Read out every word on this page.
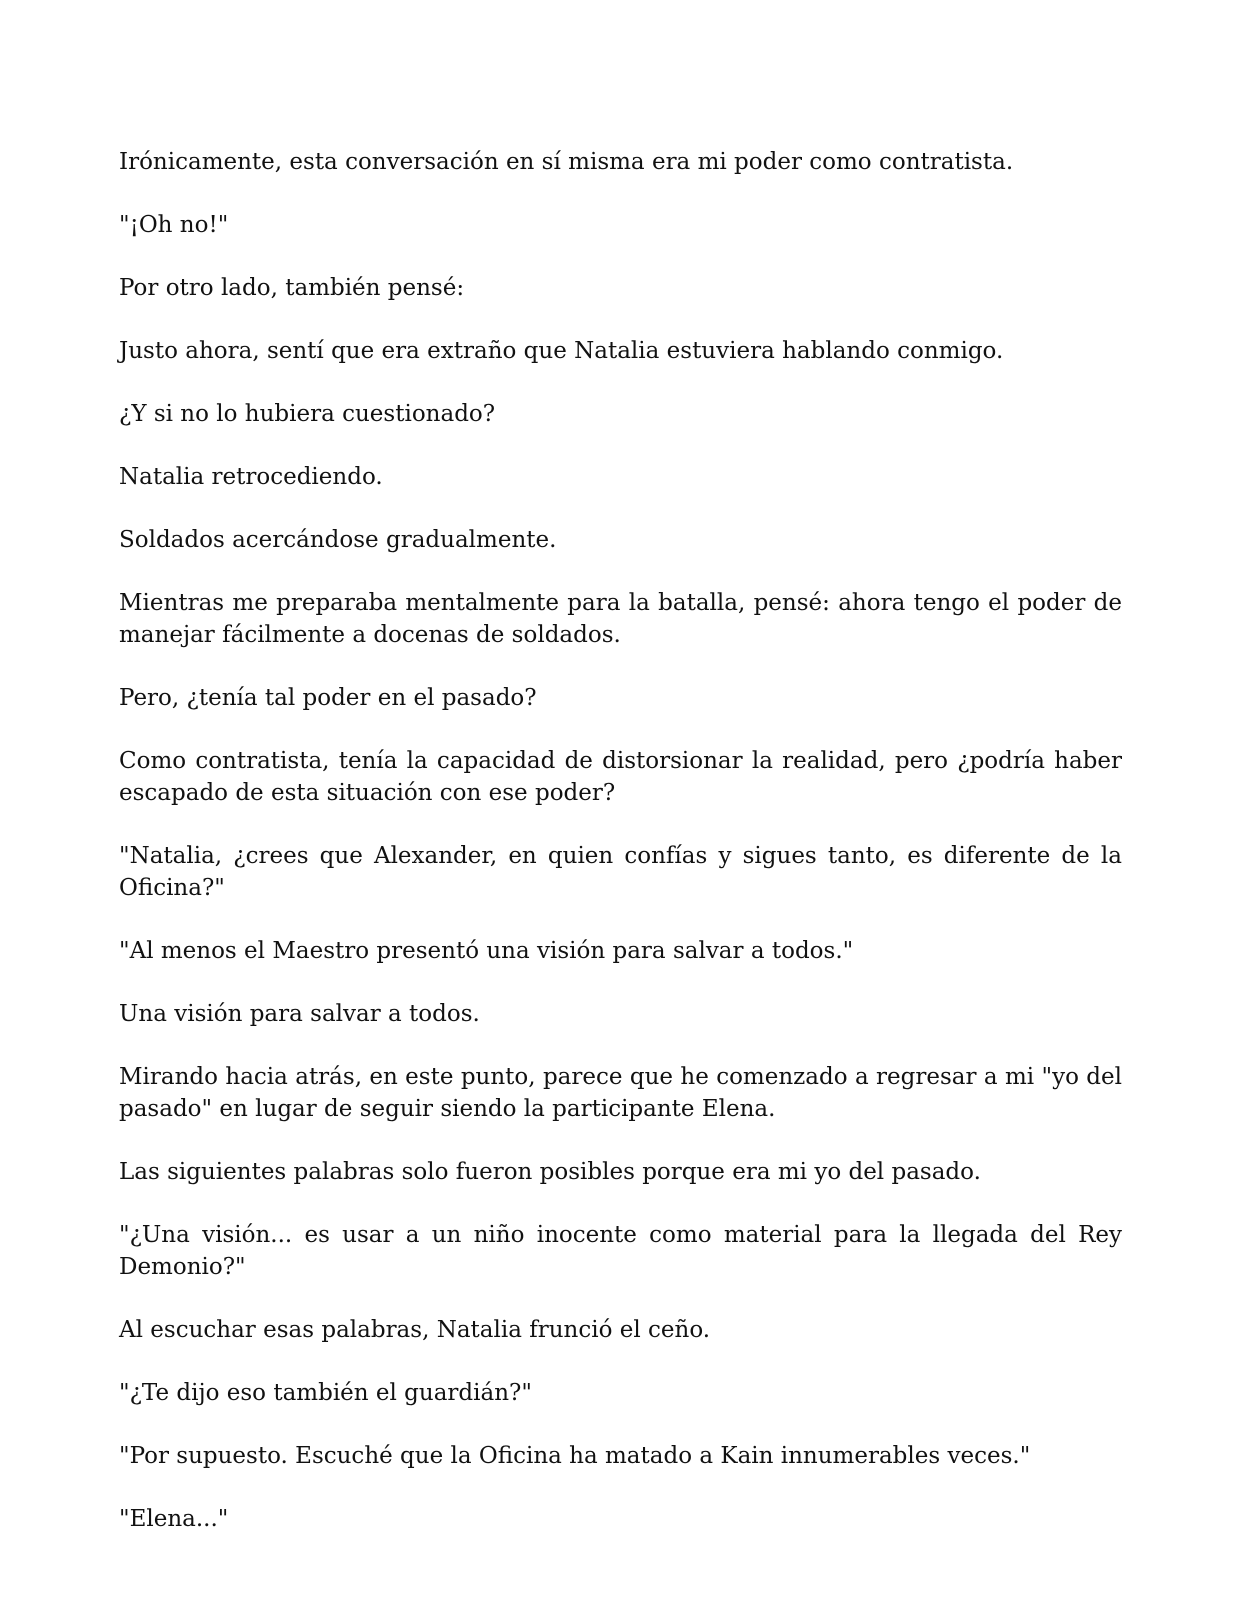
Irónicamente, esta conversación en sí misma era mi poder como contratista.

"¡Oh no!"

Por otro lado, también pensé:

Justo ahora, sentí que era extraño que Natalia estuviera hablando conmigo.

¿Y si no lo hubiera cuestionado?

Natalia retrocediendo.

Soldados acercándose gradualmente.

Mientras me preparaba mentalmente para la batalla, pensé: ahora tengo el poder de manejar fácilmente a docenas de soldados.

Pero, ¿tenía tal poder en el pasado?

Como contratista, tenía la capacidad de distorsionar la realidad, pero ¿podría haber escapado de esta situación con ese poder?

"Natalia, ¿crees que Alexander, en quien confías y sigues tanto, es diferente de la Oficina?"

"Al menos el Maestro presentó una visión para salvar a todos."

Una visión para salvar a todos.

Mirando hacia atrás, en este punto, parece que he comenzado a regresar a mi "yo del pasado" en lugar de seguir siendo la participante Elena.

Las siguientes palabras solo fueron posibles porque era mi yo del pasado.

"¿Una visión... es usar a un niño inocente como material para la llegada del Rey Demonio?"

Al escuchar esas palabras, Natalia frunció el ceño.

"¿Te dijo eso también el guardián?"

"Por supuesto. Escuché que la Oficina ha matado a Kain innumerables veces."

"Elena..."
